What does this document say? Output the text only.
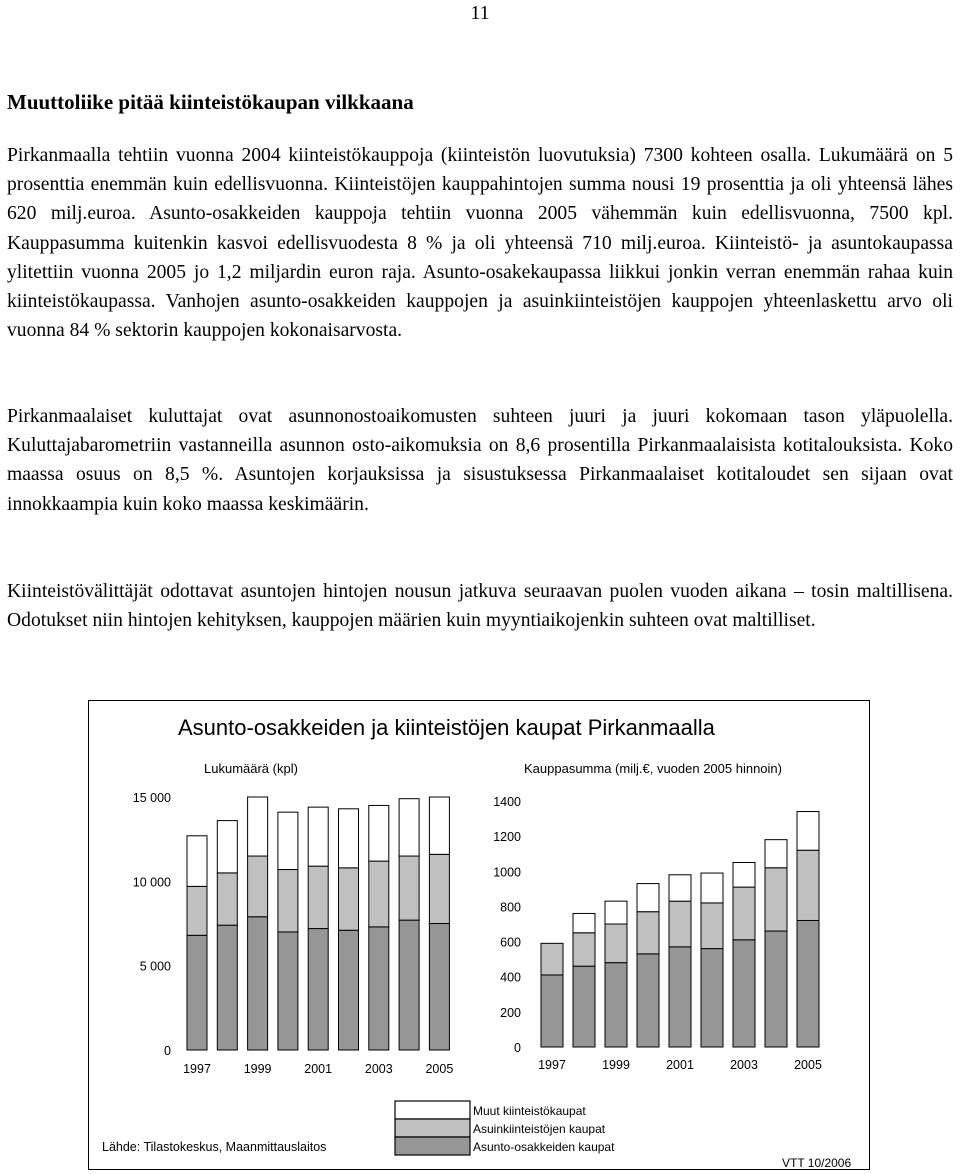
11
Muuttoliike pitää kiinteistökaupan vilkkaana

Pirkanmaalla tehtiin vuonna 2004 kiinteistökauppoja (kiinteistön luovutuksia) 7300 kohteen osalla. Lukumäärä on 5 prosenttia enemmän kuin edellisvuonna. Kiinteistöjen kauppahintojen summa nousi 19 prosenttia ja oli yhteensä lähes 620 milj.euroa. Asunto-osakkeiden kauppoja tehtiin vuonna 2005 vähemmän kuin edellisvuonna, 7500 kpl. Kauppasumma kuitenkin kasvoi edellisvuodesta 8 % ja oli yhteensä 710 milj.euroa. Kiinteistö- ja asuntokaupassa ylitettiin vuonna 2005 jo 1,2 miljardin euron raja. Asunto-osakekaupassa liikkui jonkin verran enemmän rahaa kuin kiinteistökaupassa. Vanhojen asunto-osakkeiden kauppojen ja asuinkiinteistöjen kauppojen yhteenlaskettu arvo oli vuonna 84 % sektorin kauppojen kokonaisarvosta.

Pirkanmaalaiset kuluttajat ovat asunnonostoaikomusten suhteen juuri ja juuri kokomaan tason yläpuolella. Kuluttajabarometriin vastanneilla asunnon osto-aikomuksia on 8,6 prosentilla Pirkanmaalaisista kotitalouksista. Koko maassa osuus on 8,5 %. Asuntojen korjauksissa ja sisustuksessa Pirkanmaalaiset kotitaloudet sen sijaan ovat innokkaampia kuin koko maassa keskimäärin.

Kiinteistövälittäjät odottavat asuntojen hintojen nousun jatkuva seuraavan puolen vuoden aikana – tosin maltillisena. Odotukset niin hintojen kehityksen, kauppojen määrien kuin myyntiaikojenkin suhteen ovat maltilliset.

Asunto-osakkeiden ja kiinteistöjen kaupat Pirkanmaalla
Lukumäärä (kpl)
0
5 000
10 000
15 000
1997	1999	2001	2003	2005
Kauppasumma (milj.€, vuoden 2005 hinnoin)
0
200
400
600
800
1000
1200
1400
1997	1999	2001	2003	2005
Muut kiinteistökaupat
Asuinkiinteistöjen kaupat
Asunto-osakkeiden kaupat
Lähde: Tilastokeskus, Maanmittauslaitos
VTT 10/2006
